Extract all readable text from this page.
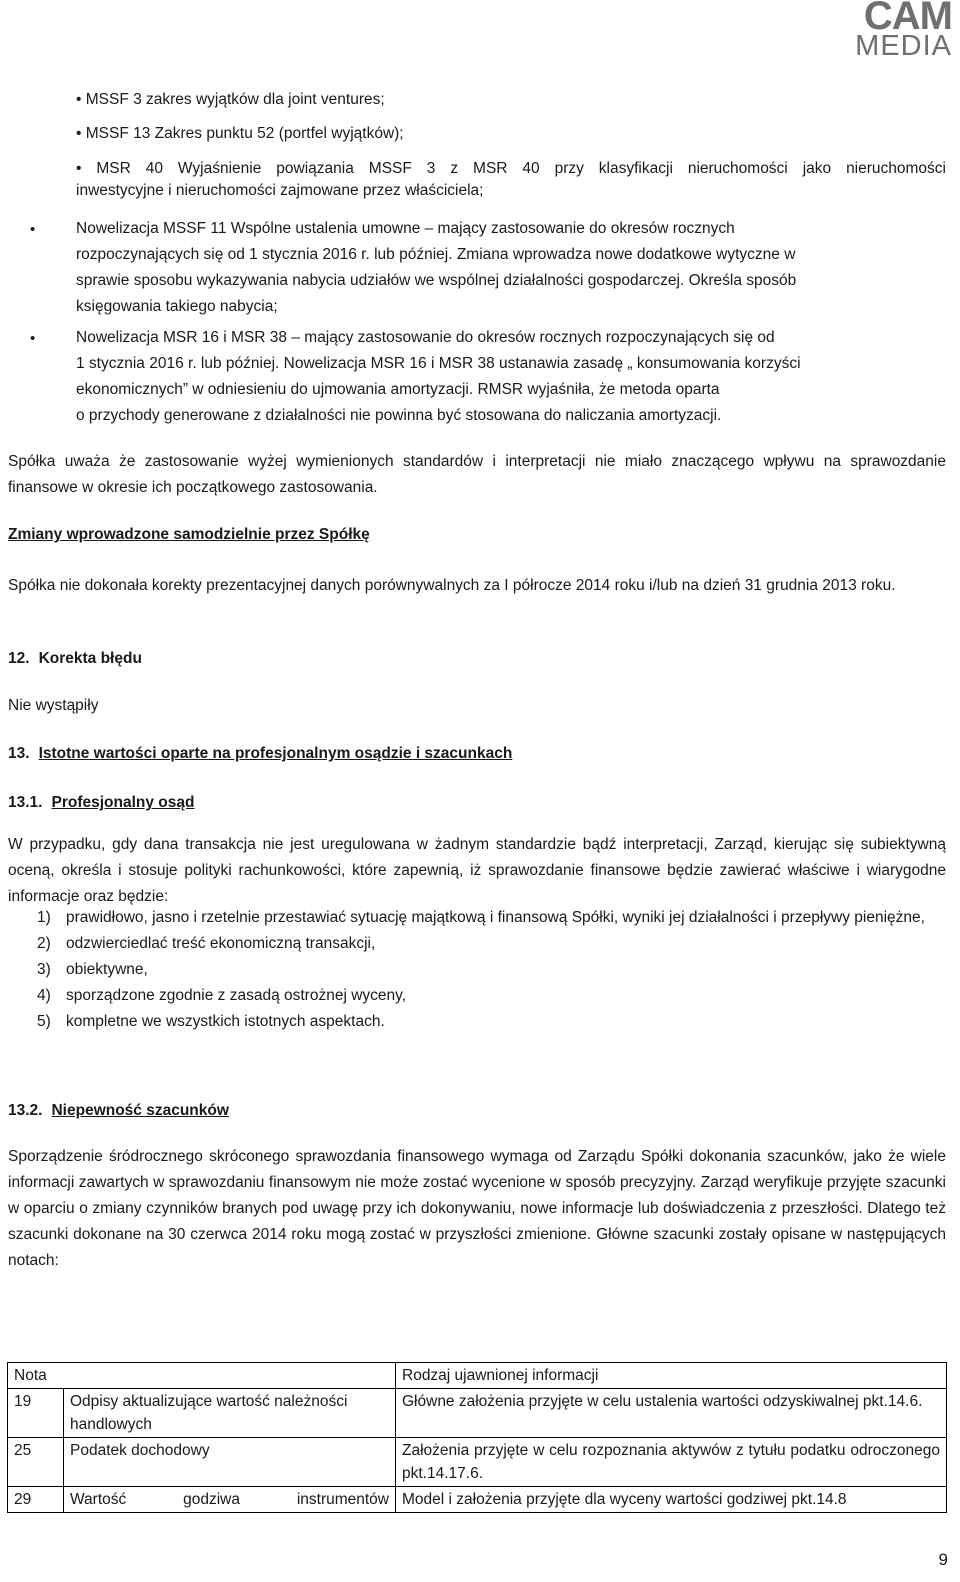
CAM
MEDIA
• MSSF 3 zakres wyjątków dla joint ventures;
• MSSF 13 Zakres punktu 52 (portfel wyjątków);
• MSR 40 Wyjaśnienie powiązania MSSF 3 z MSR 40 przy klasyfikacji nieruchomości jako nieruchomości
inwestycyjne i nieruchomości zajmowane przez właściciela;
•	Nowelizacja MSSF 11 Wspólne ustalenia umowne – mający zastosowanie do okresów rocznych
rozpoczynających się od 1 stycznia 2016 r. lub później. Zmiana wprowadza nowe dodatkowe wytyczne w
sprawie sposobu wykazywania nabycia udziałów we wspólnej działalności gospodarczej. Określa sposób
księgowania takiego nabycia;
•	Nowelizacja MSR 16 i MSR 38 – mający zastosowanie do okresów rocznych rozpoczynających się od
1 stycznia 2016 r. lub później. Nowelizacja MSR 16 i MSR 38 ustanawia zasadę „ konsumowania korzyści
ekonomicznych” w odniesieniu do ujmowania amortyzacji. RMSR wyjaśniła, że metoda oparta
o przychody generowane z działalności nie powinna być stosowana do naliczania amortyzacji.
Spółka uważa że zastosowanie wyżej wymienionych standardów i interpretacji nie miało znaczącego wpływu na sprawozdanie finansowe w okresie ich początkowego zastosowania.
Zmiany wprowadzone samodzielnie przez Spółkę
Spółka nie dokonała korekty prezentacyjnej danych porównywalnych za I półrocze 2014 roku i/lub na dzień 31 grudnia 2013 roku.
12. Korekta błędu
Nie wystąpiły
13. Istotne wartości oparte na profesjonalnym osądzie i szacunkach
13.1. Profesjonalny osąd
W przypadku, gdy dana transakcja nie jest uregulowana w żadnym standardzie bądź interpretacji, Zarząd, kierując się subiektywną oceną, określa i stosuje polityki rachunkowości, które zapewnią, iż sprawozdanie finansowe będzie zawierać właściwe i wiarygodne informacje oraz będzie:
1) prawidłowo, jasno i rzetelnie przestawiać sytuację majątkową i finansową Spółki, wyniki jej działalności i przepływy pieniężne,
2) odzwierciedlać treść ekonomiczną transakcji,
3) obiektywne,
4) sporządzone zgodnie z zasadą ostrożnej wyceny,
5) kompletne we wszystkich istotnych aspektach.
13.2. Niepewność szacunków
Sporządzenie śródrocznego skróconego sprawozdania finansowego wymaga od Zarządu Spółki dokonania szacunków, jako że wiele informacji zawartych w sprawozdaniu finansowym nie może zostać wycenione w sposób precyzyjny. Zarząd weryfikuje przyjęte szacunki w oparciu o zmiany czynników branych pod uwagę przy ich dokonywaniu, nowe informacje lub doświadczenia z przeszłości. Dlatego też szacunki dokonane na 30 czerwca 2014 roku mogą zostać w przyszłości zmienione. Główne szacunki zostały opisane w następujących notach:
Nota		Rodzaj ujawnionej informacji
19	Odpisy aktualizujące wartość należności handlowych	Główne założenia przyjęte w celu ustalenia wartości odzyskiwalnej pkt.14.6.
25	Podatek dochodowy	Założenia przyjęte w celu rozpoznania aktywów z tytułu podatku odroczonego pkt.14.17.6.
29	Wartość godziwa instrumentów	Model i założenia przyjęte dla wyceny wartości godziwej pkt.14.8
9
